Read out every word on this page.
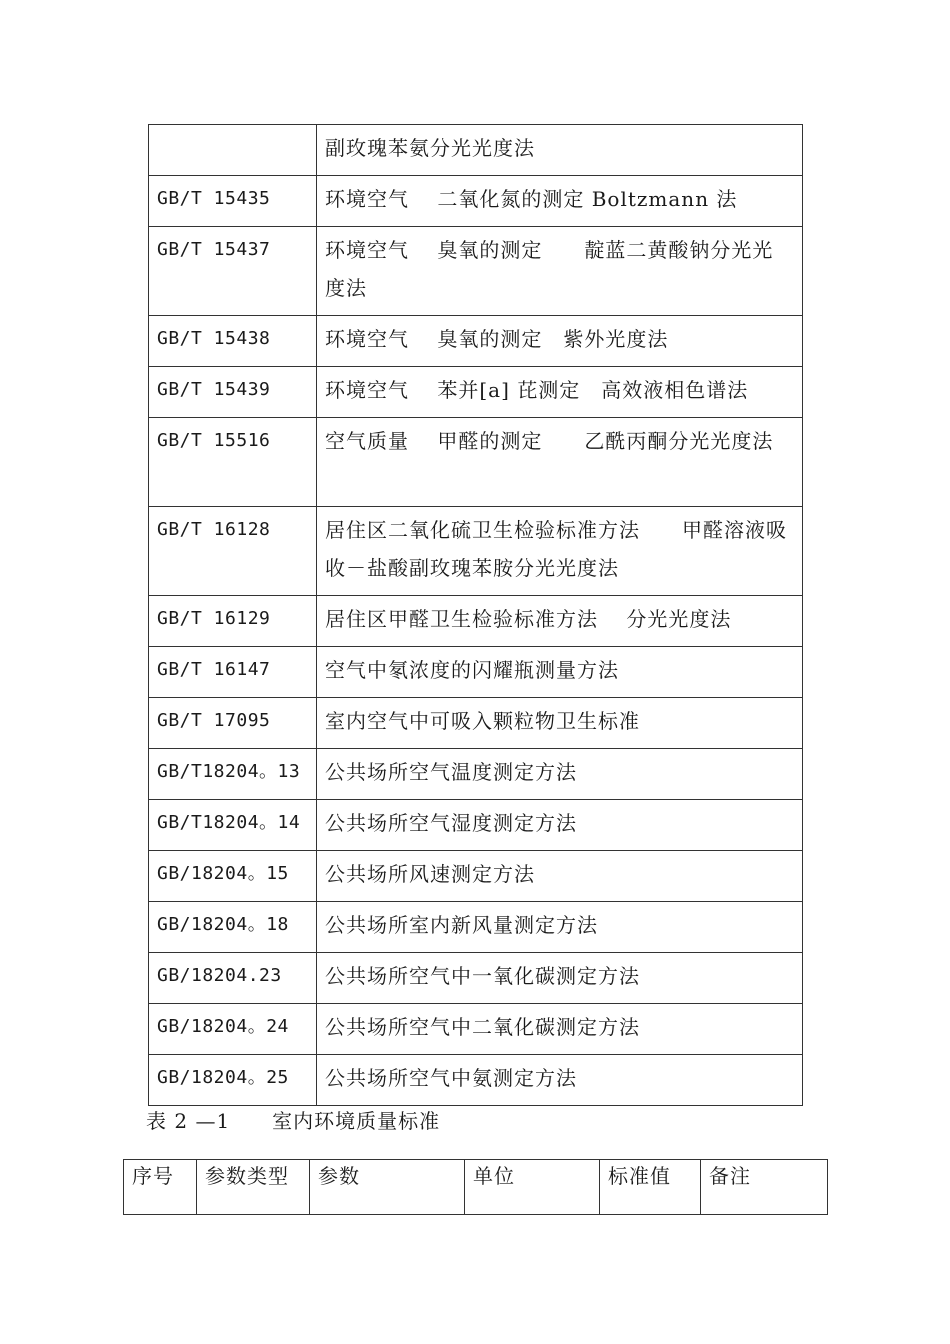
	副玫瑰苯氨分光光度法
GB/T 15435	环境空气　 二氧化氮的测定 Boltzmann 法
GB/T 15437	环境空气　 臭氧的测定　　靛蓝二黄酸钠分光光度法
GB/T 15438	环境空气　 臭氧的测定　紫外光度法
GB/T 15439	环境空气　 苯并[a] 芘测定　高效液相色谱法
GB/T 15516	空气质量　 甲醛的测定　　乙酰丙酮分光光度法
GB/T 16128	居住区二氧化硫卫生检验标准方法　　甲醛溶液吸收－盐酸副玫瑰苯胺分光光度法
GB/T 16129	居住区甲醛卫生检验标准方法　 分光光度法
GB/T 16147	空气中氡浓度的闪耀瓶测量方法
GB/T 17095	室内空气中可吸入颗粒物卫生标准
GB/T18204。13	公共场所空气温度测定方法
GB/T18204。14	公共场所空气湿度测定方法
GB/18204。15	公共场所风速测定方法
GB/18204。18	公共场所室内新风量测定方法
GB/18204.23	公共场所空气中一氧化碳测定方法
GB/18204。24	公共场所空气中二氧化碳测定方法
GB/18204。25	公共场所空气中氨测定方法
表 2 —1　　室内环境质量标准
序号	参数类型	参数	单位	标准值	备注
